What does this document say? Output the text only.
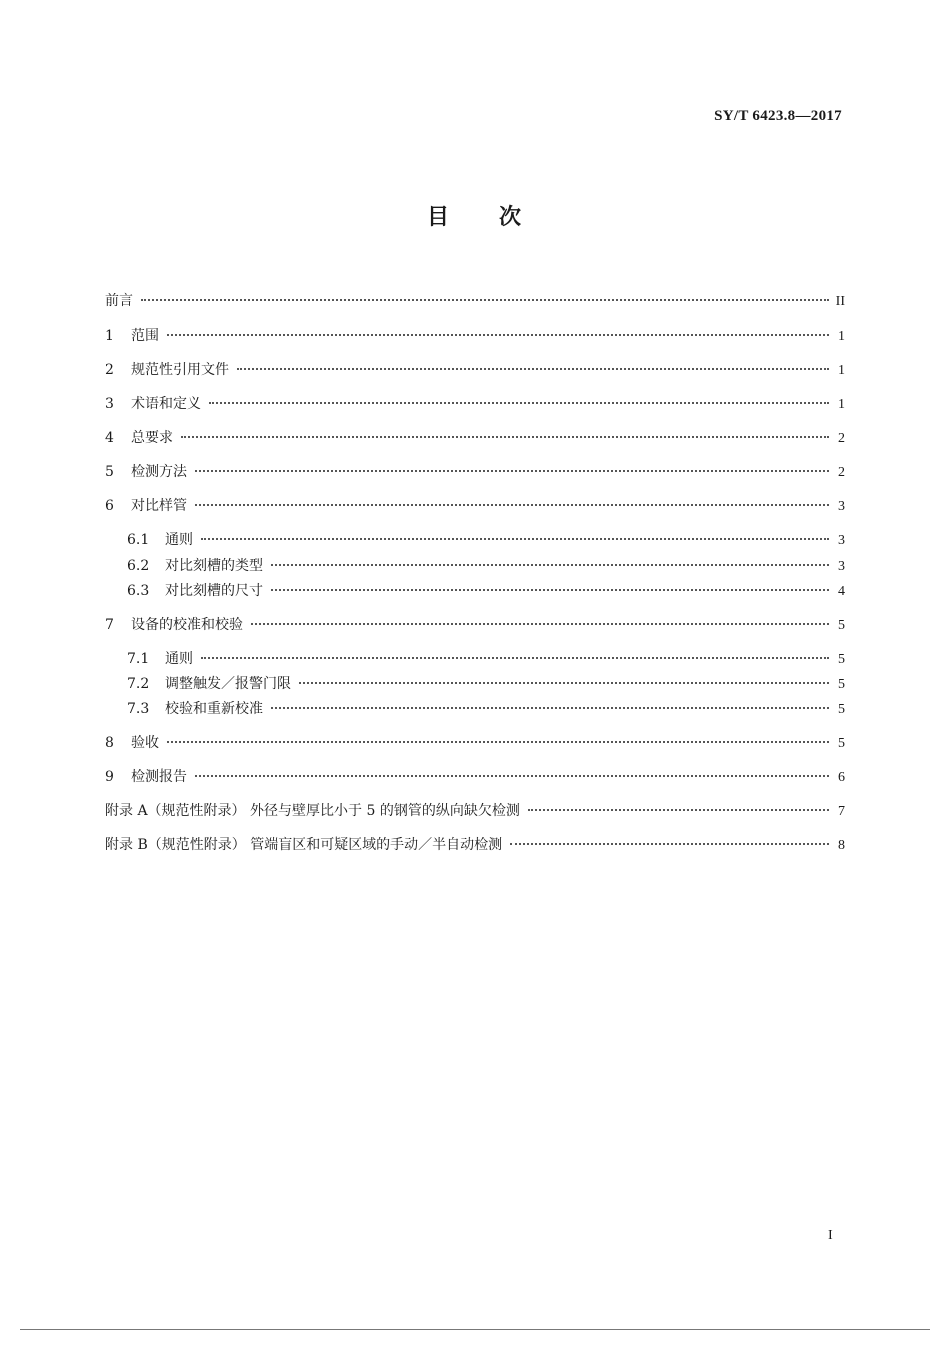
SY/T 6423.8—2017
目 次
前言	II
1	范围	1
2	规范性引用文件	1
3	术语和定义	1
4	总要求	2
5	检测方法	2
6	对比样管	3
6.1	通则	3
6.2	对比刻槽的类型	3
6.3	对比刻槽的尺寸	4
7	设备的校准和校验	5
7.1	通则	5
7.2	调整触发／报警门限	5
7.3	校验和重新校准	5
8	验收	5
9	检测报告	6
附录 A（规范性附录） 外径与壁厚比小于 5 的钢管的纵向缺欠检测	7
附录 B（规范性附录） 管端盲区和可疑区域的手动／半自动检测	8
I
